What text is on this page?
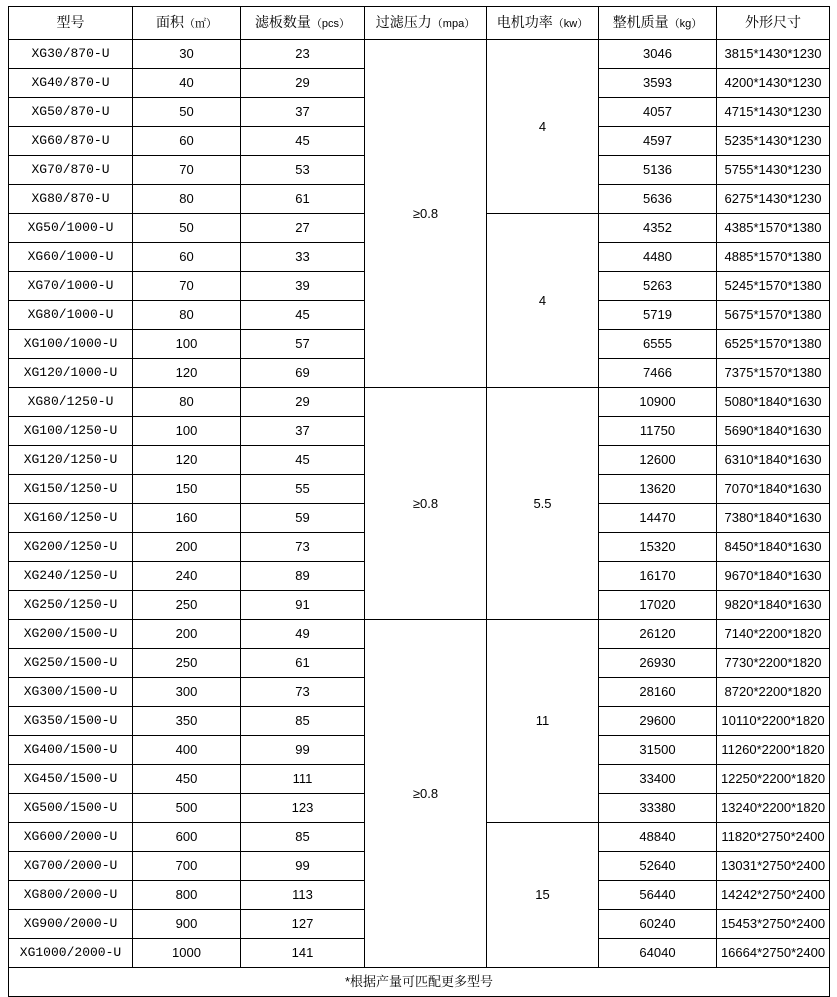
型号	面积（㎡）	滤板数量（pcs）	过滤压力（mpa）	电机功率（kw）	整机质量（kg）	外形尺寸
XG30/870-U	30	23	≥0.8	4	3046	3815*1430*1230
XG40/870-U	40	29			3593	4200*1430*1230
XG50/870-U	50	37			4057	4715*1430*1230
XG60/870-U	60	45			4597	5235*1430*1230
XG70/870-U	70	53			5136	5755*1430*1230
XG80/870-U	80	61			5636	6275*1430*1230
XG50/1000-U	50	27		4	4352	4385*1570*1380
XG60/1000-U	60	33			4480	4885*1570*1380
XG70/1000-U	70	39			5263	5245*1570*1380
XG80/1000-U	80	45			5719	5675*1570*1380
XG100/1000-U	100	57			6555	6525*1570*1380
XG120/1000-U	120	69			7466	7375*1570*1380
XG80/1250-U	80	29	≥0.8	5.5	10900	5080*1840*1630
XG100/1250-U	100	37			11750	5690*1840*1630
XG120/1250-U	120	45			12600	6310*1840*1630
XG150/1250-U	150	55			13620	7070*1840*1630
XG160/1250-U	160	59			14470	7380*1840*1630
XG200/1250-U	200	73			15320	8450*1840*1630
XG240/1250-U	240	89			16170	9670*1840*1630
XG250/1250-U	250	91			17020	9820*1840*1630
XG200/1500-U	200	49	≥0.8	11	26120	7140*2200*1820
XG250/1500-U	250	61			26930	7730*2200*1820
XG300/1500-U	300	73			28160	8720*2200*1820
XG350/1500-U	350	85			29600	10110*2200*1820
XG400/1500-U	400	99			31500	11260*2200*1820
XG450/1500-U	450	111			33400	12250*2200*1820
XG500/1500-U	500	123			33380	13240*2200*1820
XG600/2000-U	600	85		15	48840	11820*2750*2400
XG700/2000-U	700	99			52640	13031*2750*2400
XG800/2000-U	800	113			56440	14242*2750*2400
XG900/2000-U	900	127			60240	15453*2750*2400
XG1000/2000-U	1000	141			64040	16664*2750*2400
*根据产量可匹配更多型号						
